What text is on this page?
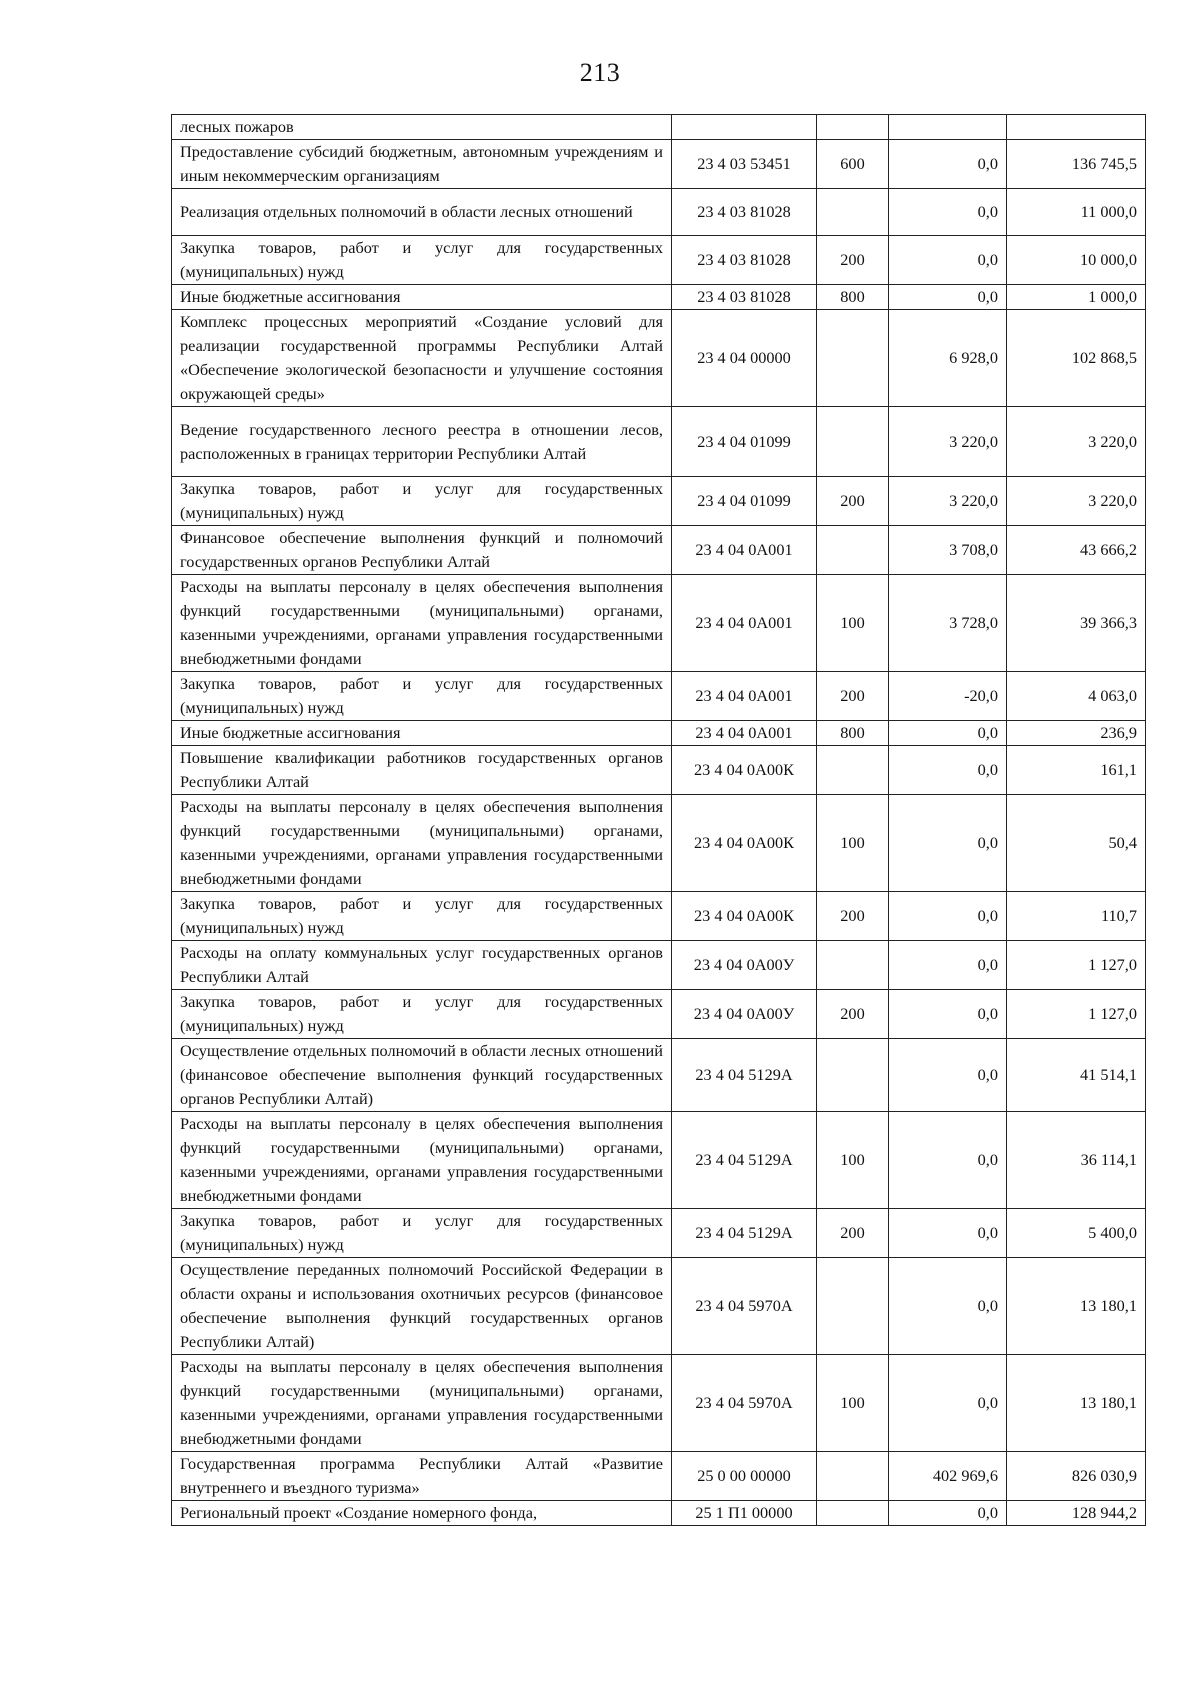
213
лесных пожаров				
Предоставление субсидий бюджетным, автономным учреждениям и иным некоммерческим организациям	23 4 03 53451	600	0,0	136 745,5
Реализация отдельных полномочий в области лесных отношений	23 4 03 81028		0,0	11 000,0
Закупка товаров, работ и услуг для государственных (муниципальных) нужд	23 4 03 81028	200	0,0	10 000,0
Иные бюджетные ассигнования	23 4 03 81028	800	0,0	1 000,0
Комплекс процессных мероприятий «Создание условий для реализации государственной программы Республики Алтай «Обеспечение экологической безопасности и улучшение состояния окружающей среды»	23 4 04 00000		6 928,0	102 868,5
Ведение государственного лесного реестра в отношении лесов, расположенных в границах территории Республики Алтай	23 4 04 01099		3 220,0	3 220,0
Закупка товаров, работ и услуг для государственных (муниципальных) нужд	23 4 04 01099	200	3 220,0	3 220,0
Финансовое обеспечение выполнения функций и полномочий государственных органов Республики Алтай	23 4 04 0А001		3 708,0	43 666,2
Расходы на выплаты персоналу в целях обеспечения выполнения функций государственными (муниципальными) органами, казенными учреждениями, органами управления государственными внебюджетными фондами	23 4 04 0А001	100	3 728,0	39 366,3
Закупка товаров, работ и услуг для государственных (муниципальных) нужд	23 4 04 0А001	200	-20,0	4 063,0
Иные бюджетные ассигнования	23 4 04 0А001	800	0,0	236,9
Повышение квалификации работников государственных органов Республики Алтай	23 4 04 0А00К		0,0	161,1
Расходы на выплаты персоналу в целях обеспечения выполнения функций государственными (муниципальными) органами, казенными учреждениями, органами управления государственными внебюджетными фондами	23 4 04 0А00К	100	0,0	50,4
Закупка товаров, работ и услуг для государственных (муниципальных) нужд	23 4 04 0А00К	200	0,0	110,7
Расходы на оплату коммунальных услуг государственных органов Республики Алтай	23 4 04 0А00У		0,0	1 127,0
Закупка товаров, работ и услуг для государственных (муниципальных) нужд	23 4 04 0А00У	200	0,0	1 127,0
Осуществление отдельных полномочий в области лесных отношений (финансовое обеспечение выполнения функций государственных органов Республики Алтай)	23 4 04 5129А		0,0	41 514,1
Расходы на выплаты персоналу в целях обеспечения выполнения функций государственными (муниципальными) органами, казенными учреждениями, органами управления государственными внебюджетными фондами	23 4 04 5129А	100	0,0	36 114,1
Закупка товаров, работ и услуг для государственных (муниципальных) нужд	23 4 04 5129А	200	0,0	5 400,0
Осуществление переданных полномочий Российской Федерации в области охраны и использования охотничьих ресурсов (финансовое обеспечение выполнения функций государственных органов Республики Алтай)	23 4 04 5970А		0,0	13 180,1
Расходы на выплаты персоналу в целях обеспечения выполнения функций государственными (муниципальными) органами, казенными учреждениями, органами управления государственными внебюджетными фондами	23 4 04 5970А	100	0,0	13 180,1
Государственная программа Республики Алтай «Развитие внутреннего и въездного туризма»	25 0 00 00000		402 969,6	826 030,9
Региональный проект «Создание номерного фонда,	25 1 П1 00000		0,0	128 944,2
